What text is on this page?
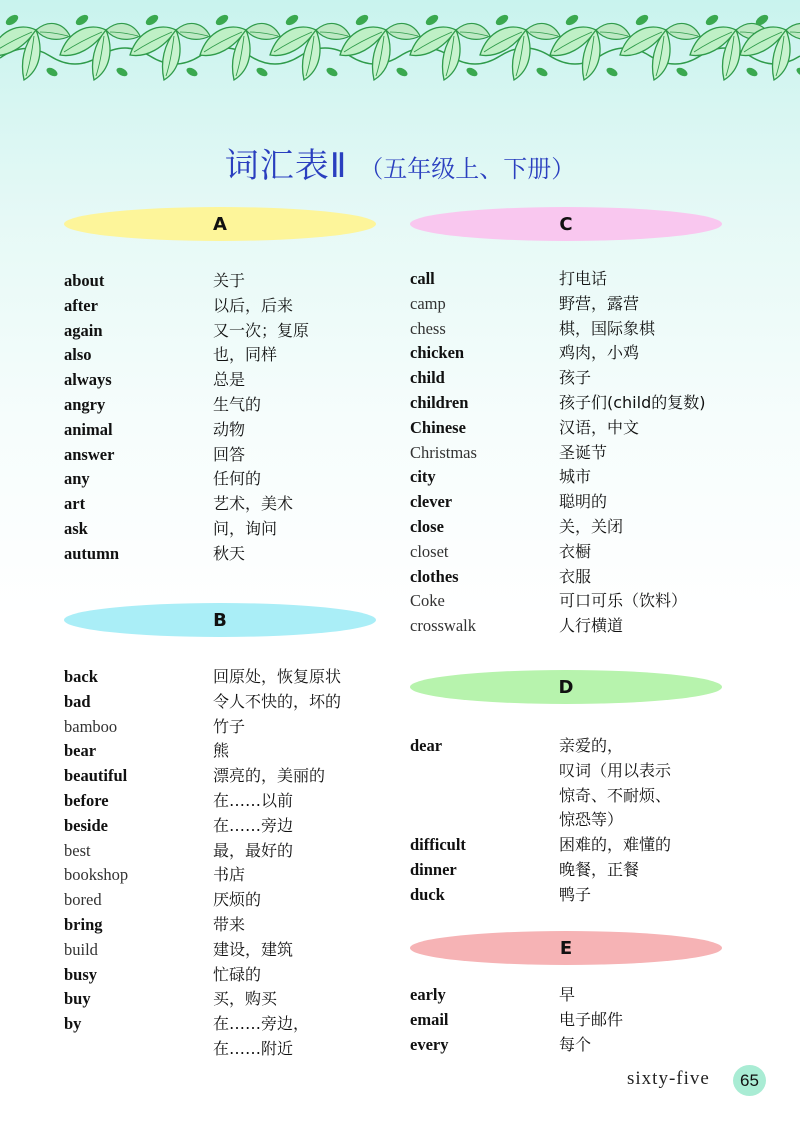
词汇表Ⅱ （五年级上、下册）
A
about	关于
after	以后，后来
again	又一次；复原
also	也，同样
always	总是
angry	生气的
animal	动物
answer	回答
any	任何的
art	艺术，美术
ask	问，询问
autumn	秋天
B
back	回原处，恢复原状
bad	令人不快的，坏的
bamboo	竹子
bear	熊
beautiful	漂亮的，美丽的
before	在……以前
beside	在……旁边
best	最，最好的
bookshop	书店
bored	厌烦的
bring	带来
build	建设，建筑
busy	忙碌的
buy	买，购买
by	在……旁边，
在……附近
C
call	打电话
camp	野营，露营
chess	棋，国际象棋
chicken	鸡肉，小鸡
child	孩子
children	孩子们(child的复数)
Chinese	汉语，中文
Christmas	圣诞节
city	城市
clever	聪明的
close	关，关闭
closet	衣橱
clothes	衣服
Coke	可口可乐（饮料）
crosswalk	人行横道
D
dear	亲爱的，
叹词（用以表示
惊奇、不耐烦、
惊恐等）
difficult	困难的，难懂的
dinner	晚餐，正餐
duck	鸭子
E
early	早
email	电子邮件
every	每个
sixty-five 65
